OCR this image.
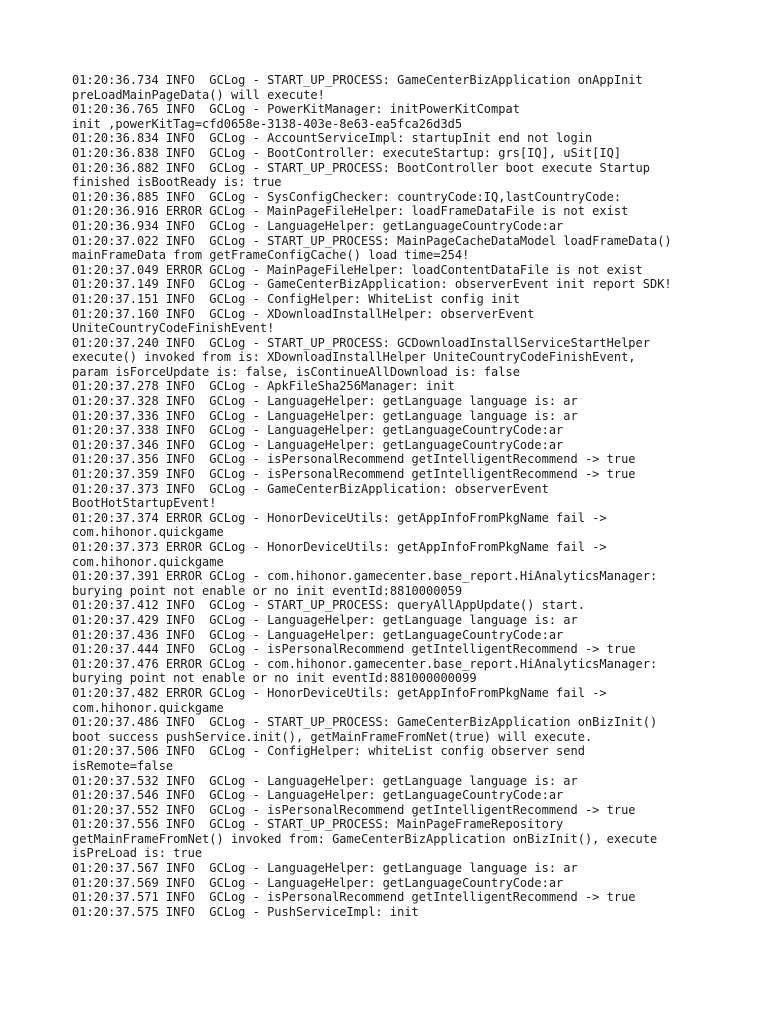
01:20:36.734 INFO  GCLog - START_UP_PROCESS: GameCenterBizApplication onAppInit
preLoadMainPageData() will execute!
01:20:36.765 INFO  GCLog - PowerKitManager: initPowerKitCompat
init ,powerKitTag=cfd0658e-3138-403e-8e63-ea5fca26d3d5
01:20:36.834 INFO  GCLog - AccountServiceImpl: startupInit end not login
01:20:36.838 INFO  GCLog - BootController: executeStartup: grs[IQ], uSit[IQ]
01:20:36.882 INFO  GCLog - START_UP_PROCESS: BootController boot execute Startup
finished isBootReady is: true
01:20:36.885 INFO  GCLog - SysConfigChecker: countryCode:IQ,lastCountryCode:
01:20:36.916 ERROR GCLog - MainPageFileHelper: loadFrameDataFile is not exist
01:20:36.934 INFO  GCLog - LanguageHelper: getLanguageCountryCode:ar
01:20:37.022 INFO  GCLog - START_UP_PROCESS: MainPageCacheDataModel loadFrameData()
mainFrameData from getFrameConfigCache() load time=254!
01:20:37.049 ERROR GCLog - MainPageFileHelper: loadContentDataFile is not exist
01:20:37.149 INFO  GCLog - GameCenterBizApplication: observerEvent init report SDK!
01:20:37.151 INFO  GCLog - ConfigHelper: WhiteList config init
01:20:37.160 INFO  GCLog - XDownloadInstallHelper: observerEvent
UniteCountryCodeFinishEvent!
01:20:37.240 INFO  GCLog - START_UP_PROCESS: GCDownloadInstallServiceStartHelper
execute() invoked from is: XDownloadInstallHelper UniteCountryCodeFinishEvent,
param isForceUpdate is: false, isContinueAllDownload is: false
01:20:37.278 INFO  GCLog - ApkFileSha256Manager: init
01:20:37.328 INFO  GCLog - LanguageHelper: getLanguage language is: ar
01:20:37.336 INFO  GCLog - LanguageHelper: getLanguage language is: ar
01:20:37.338 INFO  GCLog - LanguageHelper: getLanguageCountryCode:ar
01:20:37.346 INFO  GCLog - LanguageHelper: getLanguageCountryCode:ar
01:20:37.356 INFO  GCLog - isPersonalRecommend getIntelligentRecommend -> true
01:20:37.359 INFO  GCLog - isPersonalRecommend getIntelligentRecommend -> true
01:20:37.373 INFO  GCLog - GameCenterBizApplication: observerEvent
BootHotStartupEvent!
01:20:37.374 ERROR GCLog - HonorDeviceUtils: getAppInfoFromPkgName fail ->
com.hihonor.quickgame
01:20:37.373 ERROR GCLog - HonorDeviceUtils: getAppInfoFromPkgName fail ->
com.hihonor.quickgame
01:20:37.391 ERROR GCLog - com.hihonor.gamecenter.base_report.HiAnalyticsManager:
burying point not enable or no init eventId:8810000059
01:20:37.412 INFO  GCLog - START_UP_PROCESS: queryAllAppUpdate() start.
01:20:37.429 INFO  GCLog - LanguageHelper: getLanguage language is: ar
01:20:37.436 INFO  GCLog - LanguageHelper: getLanguageCountryCode:ar
01:20:37.444 INFO  GCLog - isPersonalRecommend getIntelligentRecommend -> true
01:20:37.476 ERROR GCLog - com.hihonor.gamecenter.base_report.HiAnalyticsManager:
burying point not enable or no init eventId:881000000099
01:20:37.482 ERROR GCLog - HonorDeviceUtils: getAppInfoFromPkgName fail ->
com.hihonor.quickgame
01:20:37.486 INFO  GCLog - START_UP_PROCESS: GameCenterBizApplication onBizInit()
boot success pushService.init(), getMainFrameFromNet(true) will execute.
01:20:37.506 INFO  GCLog - ConfigHelper: whiteList config observer send
isRemote=false
01:20:37.532 INFO  GCLog - LanguageHelper: getLanguage language is: ar
01:20:37.546 INFO  GCLog - LanguageHelper: getLanguageCountryCode:ar
01:20:37.552 INFO  GCLog - isPersonalRecommend getIntelligentRecommend -> true
01:20:37.556 INFO  GCLog - START_UP_PROCESS: MainPageFrameRepository
getMainFrameFromNet() invoked from: GameCenterBizApplication onBizInit(), execute
isPreLoad is: true
01:20:37.567 INFO  GCLog - LanguageHelper: getLanguage language is: ar
01:20:37.569 INFO  GCLog - LanguageHelper: getLanguageCountryCode:ar
01:20:37.571 INFO  GCLog - isPersonalRecommend getIntelligentRecommend -> true
01:20:37.575 INFO  GCLog - PushServiceImpl: init
